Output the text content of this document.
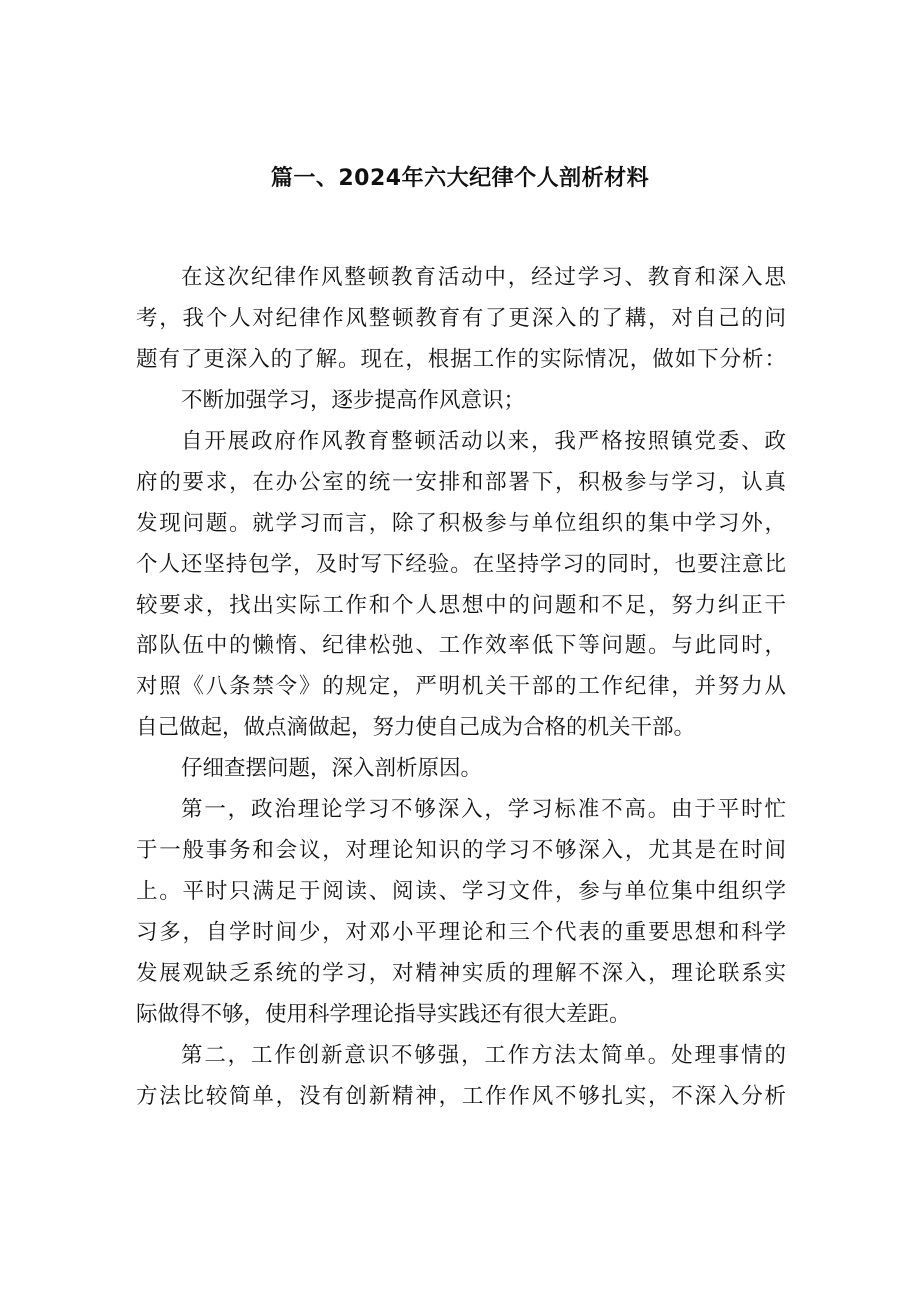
篇一、2024年六大纪律个人剖析材料
在这次纪律作风整顿教育活动中，经过学习、教育和深入思
考，我个人对纪律作风整顿教育有了更深入的了耩，对自己的问
题有了更深入的了解。现在，根据工作的实际情况，做如下分析：
不断加强学习，逐步提高作风意识；
自开展政府作风教育整顿活动以来，我严格按照镇党委、政
府的要求，在办公室的统一安排和部署下，积极参与学习，认真
发现问题。就学习而言，除了积极参与单位组织的集中学习外，
个人还坚持包学，及时写下经验。在坚持学习的同时，也要注意比
较要求，找出实际工作和个人思想中的问题和不足，努力纠正干
部队伍中的懒惰、纪律松弛、工作效率低下等问题。与此同时，
对照《八条禁令》的规定，严明机关干部的工作纪律，并努力从
自己做起，做点滴做起，努力使自己成为合格的机关干部。
仔细查摆问题，深入剖析原因。
第一，政治理论学习不够深入，学习标准不高。由于平时忙
于一般事务和会议，对理论知识的学习不够深入，尤其是在时间
上。平时只满足于阅读、阅读、学习文件，参与单位集中组织学
习多，自学时间少，对邓小平理论和三个代表的重要思想和科学
发展观缺乏系统的学习，对精神实质的理解不深入，理论联系实
际做得不够，使用科学理论指导实践还有很大差距。
第二，工作创新意识不够强，工作方法太简单。处理事情的
方法比较简单，没有创新精神，工作作风不够扎实，不深入分析
